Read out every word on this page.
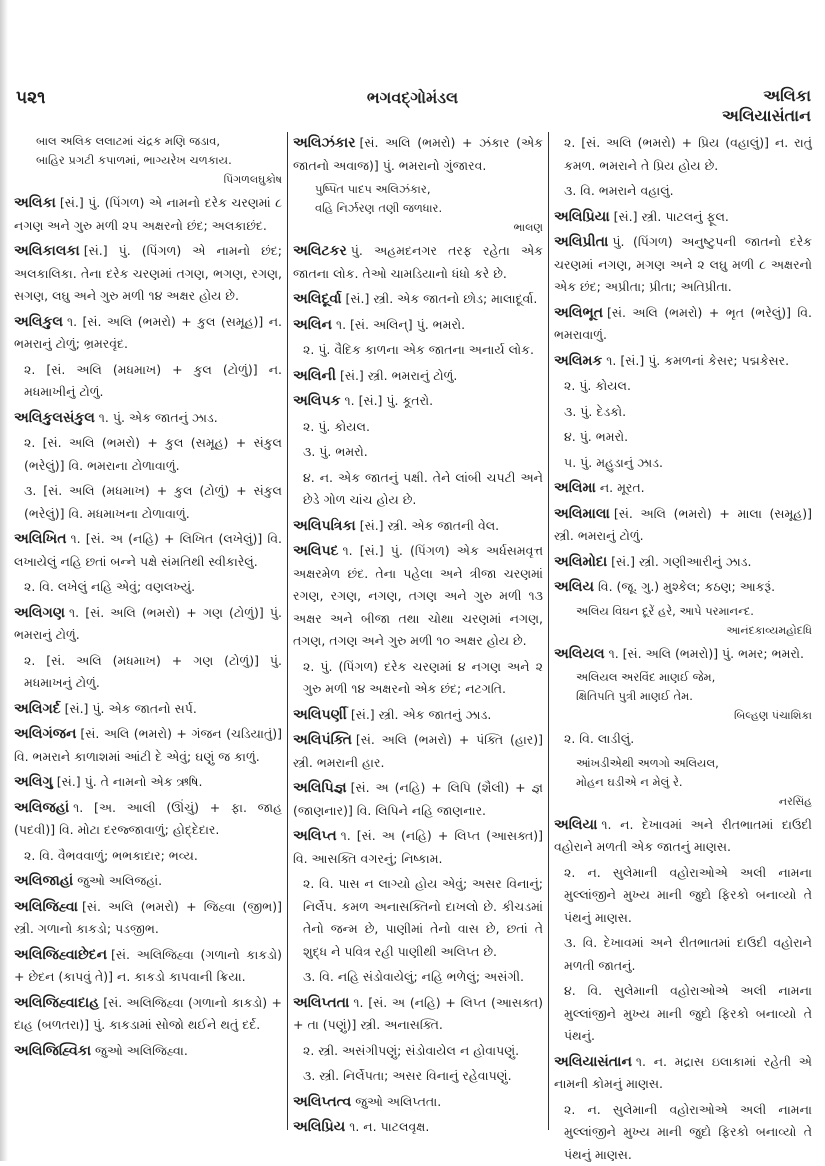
૫૨૧	ભગવદ્ગોમંડલ	અલિકા
અલિયાસંતાન
બાલ અલિક લલાટમાં ચંદ્રક મણિ જડાવ,
બાહિર પ્રગટી કપાળમાં, ભાગ્યરેખ ચળકાય.
પિંગળલઘુકોષ
અલિકા [સં.] પું. (પિંગળ) એ નામનો દરેક ચરણમાં ૮ નગણ અને ગુરુ મળી ૨૫ અક્ષરનો છંદ; અલકાછંદ.
અલિકાલકા [સં.] પું. (પિંગળ) એ નામનો છંદ; અલકાલિકા. તેના દરેક ચરણમાં તગણ, ભગણ, રગણ, સગણ, લઘુ અને ગુરુ મળી ૧૪ અક્ષર હોય છે.
અલિકુલ ૧. [સં. અલિ (ભમરો) + કુલ (સમૂહ)] ન. ભમરાનું ટોળું; ભ્રમરવૃંદ.
૨. [સં. અલિ (મધમાખ) + કુલ (ટોળું)] ન. મધમાખીનું ટોળું.
અલિકુલસંકુલ ૧. પું. એક જાતનું ઝાડ.
૨. [સં. અલિ (ભમરો) + કુલ (સમૂહ) + સંકુલ (ભરેલું)] વિ. ભમરાના ટોળાવાળું.
૩. [સં. અલિ (મધમાખ) + કુલ (ટોળું) + સંકુલ (ભરેલું)] વિ. મધમાખના ટોળાવાળું.
અલિખિત ૧. [સં. અ (નહિ) + લિખિત (લખેલું)] વિ. લખાયેલું નહિ છતાં બન્ને પક્ષે સંમતિથી સ્વીકારેલું.
૨. વિ. લખેલું નહિ એવું; વણલખ્યું.
અલિગણ ૧. [સં. અલિ (ભમરો) + ગણ (ટોળું)] પું. ભમરાનું ટોળું.
૨. [સં. અલિ (મધમાખ) + ગણ (ટોળું)] પું. મધમાખનું ટોળું.
અલિગર્દ [સં.] પું. એક જાતનો સર્પ.
અલિગંજન [સં. અલિ (ભમરો) + ગંજન (ચડિયાતું)] વિ. ભમરાને કાળાશમાં આંટી દે એવું; ઘણું જ કાળું.
અલિગુ [સં.] પું. તે નામનો એક ઋષિ.
અલિજહાં ૧. [અ. આલી (ઊંચું) + ફા. જાહ (પદવી)] વિ. મોટા દરજ્જાવાળું; હોદ્દેદાર.
૨. વિ. વૈભવવાળું; ભભકાદાર; ભવ્ય.
અલિજાહાં જુઓ અલિજહાં.
અલિજિહ્વા [સં. અલિ (ભમરો) + જિહ્વા (જીભ)] સ્ત્રી. ગળાનો કાકડો; પડજીભ.
અલિજિહ્વાછેદન [સં. અલિજિહ્વા (ગળાનો કાકડો) + છેદન (કાપવું તે)] ન. કાકડો કાપવાની ક્રિયા.
અલિજિહ્વાદાહ [સં. અલિજિહ્વા (ગળાનો કાકડો) + દાહ (બળતરા)] પું. કાકડામાં સોજો થઈને થતું દર્દ.
અલિજિહ્વિકા જુઓ અલિજિહ્વા.
અલિઝંકાર [સં. અલિ (ભમરો) + ઝંકાર (એક જાતનો અવાજ)] પું. ભમરાનો ગુંજારવ.
પુષ્પિત પાદપ અલિઝંકાર,
વહિ નિર્ઝરણ તણી જળધાર.
ભાલણ
અલિટકર પું. અહમદનગર તરફ રહેતા એક જાતના લોક. તેઓ ચામડિયાનો ધંધો કરે છે.
અલિદૂર્વા [સં.] સ્ત્રી. એક જાતનો છોડ; માલાદૂર્વા.
અલિન ૧. [સં. અલિન્] પું. ભમરો.
૨. પું. વૈદિક કાળના એક જાતના અનાર્ય લોક.
અલિની [સં.] સ્ત્રી. ભમરાનું ટોળું.
અલિપક ૧. [સં.] પું. કૂતરો.
૨. પું. કોયલ.
૩. પું. ભમરો.
૪. ન. એક જાતનું પક્ષી. તેને લાંબી ચપટી અને છેડે ગોળ ચાંચ હોય છે.
અલિપત્રિકા [સં.] સ્ત્રી. એક જાતની વેલ.
અલિપદ ૧. [સં.] પું. (પિંગળ) એક અર્ધસમવૃત્ત અક્ષરમેળ છંદ. તેના પહેલા અને ત્રીજા ચરણમાં રગણ, રગણ, નગણ, તગણ અને ગુરુ મળી ૧૩ અક્ષર અને બીજા તથા ચોથા ચરણમાં નગણ, તગણ, તગણ અને ગુરુ મળી ૧૦ અક્ષર હોય છે.
૨. પું. (પિંગળ) દરેક ચરણમાં ૪ નગણ અને ૨ ગુરુ મળી ૧૪ અક્ષરનો એક છંદ; નટગતિ.
અલિપર્ણી [સં.] સ્ત્રી. એક જાતનું ઝાડ.
અલિપંક્તિ [સં. અલિ (ભમરો) + પંક્તિ (હાર)] સ્ત્રી. ભમરાની હાર.
અલિપિજ્ઞ [સં. અ (નહિ) + લિપિ (શૈલી) + જ્ઞ (જાણનાર)] વિ. લિપિને નહિ જાણનાર.
અલિપ્ત ૧. [સં. અ (નહિ) + લિપ્ત (આસક્ત)] વિ. આસક્તિ વગરનું; નિષ્કામ.
૨. વિ. પાસ ન લાગ્યો હોય એવું; અસર વિનાનું; નિર્લેપ. કમળ અનાસક્તિનો દાખલો છે. કીચડમાં તેનો જન્મ છે, પાણીમાં તેનો વાસ છે, છતાં તે શુદ્ધ ને પવિત્ર રહી પાણીથી અલિપ્ત છે.
૩. વિ. નહિ સંડોવાયેલું; નહિ ભળેલું; અસંગી.
અલિપ્તતા ૧. [સં. અ (નહિ) + લિપ્ત (આસક્ત) + તા (પણું)] સ્ત્રી. અનાસક્તિ.
૨. સ્ત્રી. અસંગીપણું; સંડોવાયેલ ન હોવાપણું.
૩. સ્ત્રી. નિર્લેપતા; અસર વિનાનું રહેવાપણું.
અલિપ્તત્વ જુઓ અલિપ્તતા.
અલિપ્રિય ૧. ન. પાટલવૃક્ષ.
૨. [સં. અલિ (ભમરો) + પ્રિય (વહાલું)] ન. રાતું કમળ. ભમરાને તે પ્રિય હોય છે.
૩. વિ. ભમરાને વહાલું.
અલિપ્રિયા [સં.] સ્ત્રી. પાટલનું ફૂલ.
અલિપ્રીતા પું. (પિંગળ) અનુષ્ટુપની જાતનો દરેક ચરણમાં નગણ, મગણ અને ૨ લઘુ મળી ૮ અક્ષરનો એક છંદ; અપ્રીતા; પ્રીતા; અતિપ્રીતા.
અલિભૂત [સં. અલિ (ભમરો) + ભૃત (ભરેલું)] વિ. ભમરાવાળું.
અલિમક ૧. [સં.] પું. કમળનાં કેસર; પદ્મકેસર.
૨. પું. કોયલ.
૩. પું. દેડકો.
૪. પું. ભમરો.
૫. પું. મહુડાનું ઝાડ.
અલિમા ન. મૂરત.
અલિમાલા [સં. અલિ (ભમરો) + માલા (સમૂહ)] સ્ત્રી. ભમરાનું ટોળું.
અલિમોદા [સં.] સ્ત્રી. ગણીઆરીનું ઝાડ.
અલિય વિ. (જૂ. ગુ.) મુશ્કેલ; કઠણ; આકરૂં.
અલિય વિઘન દૂરેં હરે, આપે પરમાનન્દ.
આનંદકાવ્યમહોદધિ
અલિયલ ૧. [સં. અલિ (ભમરો)] પું. ભમર; ભમરો.
અલિયલ અરવિંદ માણઈ જેમ,
ક્ષિતિપતિ પુત્રી માણઈ તેમ.
બિલ્હણ પંચાશિકા
૨. વિ. લાડીલું.
આંખડીએથી અળગો અલિયલ,
મોહન ઘડીએ ન મેલું રે.
નરસિંહ
અલિયા ૧. ન. દેખાવમાં અને રીતભાતમાં દાઉદી વહોરાને મળતી એક જાતનું માણસ.
૨. ન. સુલેમાની વહોરાઓએ અલી નામના મુલ્લાંજીને મુખ્ય માની જુદો ફિરકો બનાવ્યો તે પંથનું માણસ.
૩. વિ. દેખાવમાં અને રીતભાતમાં દાઉદી વહોરાને મળતી જાતનું.
૪. વિ. સુલેમાની વહોરાઓએ અલી નામના મુલ્લાંજીને મુખ્ય માની જુદો ફિરકો બનાવ્યો તે પંથનું.
અલિયાસંતાન ૧. ન. મદ્રાસ ઇલાકામાં રહેતી એ નામની કોમનું માણસ.
૨. ન. સુલેમાની વહોરાઓએ અલી નામના મુલ્લાંજીને મુખ્ય માની જુદો ફિરકો બનાવ્યો તે પંથનું માણસ.
